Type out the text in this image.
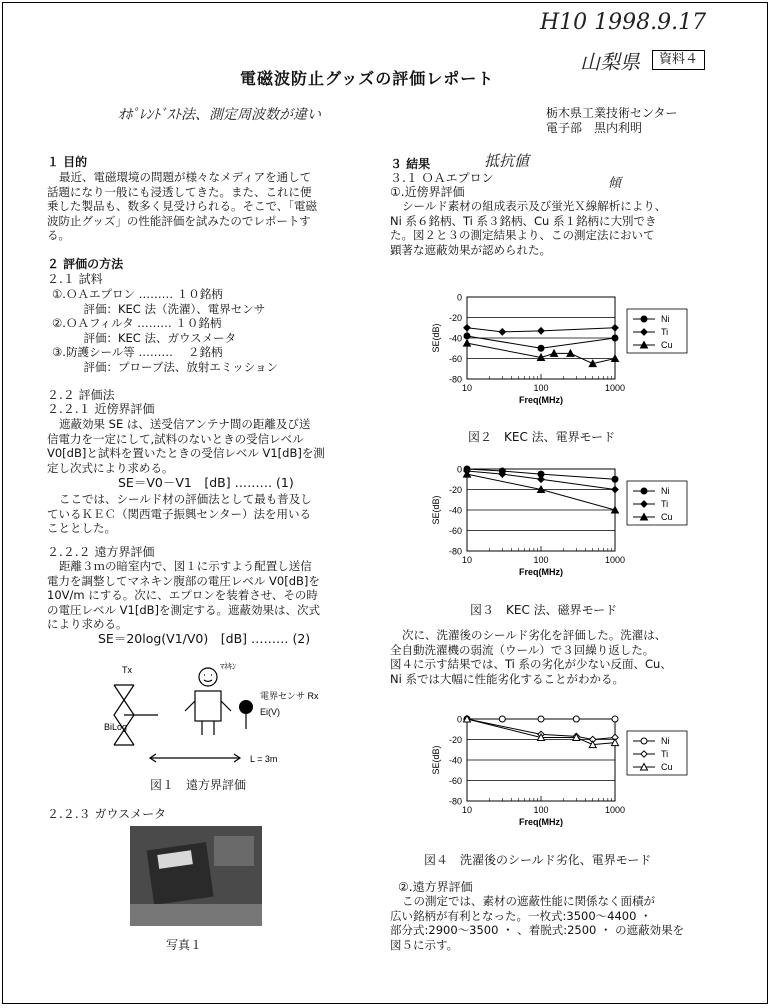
H10 1998.9.17
山梨県	資料４
電磁波防止グッズの評価レポート
ｵﾎﾟﾚﾝﾄﾞｽﾄ法、測定周波数が違い	栃木県工業技術センター
電子部　黒内利明
１ 目的
最近、電磁環境の問題が様々なメディアを通して
話題になり一般にも浸透してきた。また、これに便
乗した製品も、数多く見受けられる。そこで、「電磁
波防止グッズ」の性能評価を試みたのでレポートす
る。
２ 評価の方法
２.１ 試料
①.ＯＡエプロン ……… １０銘柄
　評価：KEC 法（洗濯）、電界センサ
②.ＯＡフィルタ ……… １０銘柄
　評価：KEC 法、ガウスメータ
③.防護シール等 ……… 　２銘柄
　評価：プローブ法、放射エミッション
２.２ 評価法
２.２.１ 近傍界評価
遮蔽効果 SE は、送受信アンテナ間の距離及び送
信電力を一定にして,試料のないときの受信レベル
V0[dB]と試料を置いたときの受信レベル V1[dB]を測
定し次式により求める。
SE＝V0－V1　[dB] ……… (1)
ここでは、シールド材の評価法として最も普及し
ているＫＥＣ（関西電子振興センター）法を用いる
こととした。
２.２.２ 遠方界評価
距離３ｍの暗室内で、図１に示すよう配置し送信
電力を調整してマネキン腹部の電圧レベル V0[dB]を
10V/m にする。次に、エプロンを装着させ、その時
の電圧レベル V1[dB]を測定する。遮蔽効果は、次式
により求める。
SE＝20log(V1/V0)　[dB] ……… (2)
Tx
BiLog
ﾏﾈｷﾝ
電界センサ Rx
Ei(V)
L = 3m
図１　遠方界評価
２.２.３ ガウスメータ
写真１
３ 結果
３.１ ＯＡエプロン
抵抗値
傾
①.近傍界評価
シールド素材の組成表示及び蛍光Ｘ線解析により、
Ni 系６銘柄、Ti 系３銘柄、Cu 系１銘柄に大別でき
た。図２と３の測定結果より、この測定法において
顕著な遮蔽効果が認められた。
0
-20
-40
-60
-80
10	100	1000
Freq(MHz)
SE(dB)
Ni
Ti
Cu
図２　KEC 法、電界モード
0
-20
-40
-60
-80
10	100	1000
Freq(MHz)
SE(dB)
Ni
Ti
Cu
図３　KEC 法、磁界モード
次に、洗濯後のシールド劣化を評価した。洗濯は、
全自動洗濯機の弱流（ウール）で３回繰り返した。
図４に示す結果では、Ti 系の劣化が少ない反面、Cu、
Ni 系では大幅に性能劣化することがわかる。
0
-20
-40
-60
-80
10	100	1000
Freq(MHz)
SE(dB)
Ni
Ti
Cu
図４　洗濯後のシールド劣化、電界モード
②.遠方界評価
この測定では、素材の遮蔽性能に関係なく面積が
広い銘柄が有利となった。一枚式:3500～4400 ・
部分式:2900～3500 ・ 、着脱式:2500 ・ の遮蔽効果を
図５に示す。
